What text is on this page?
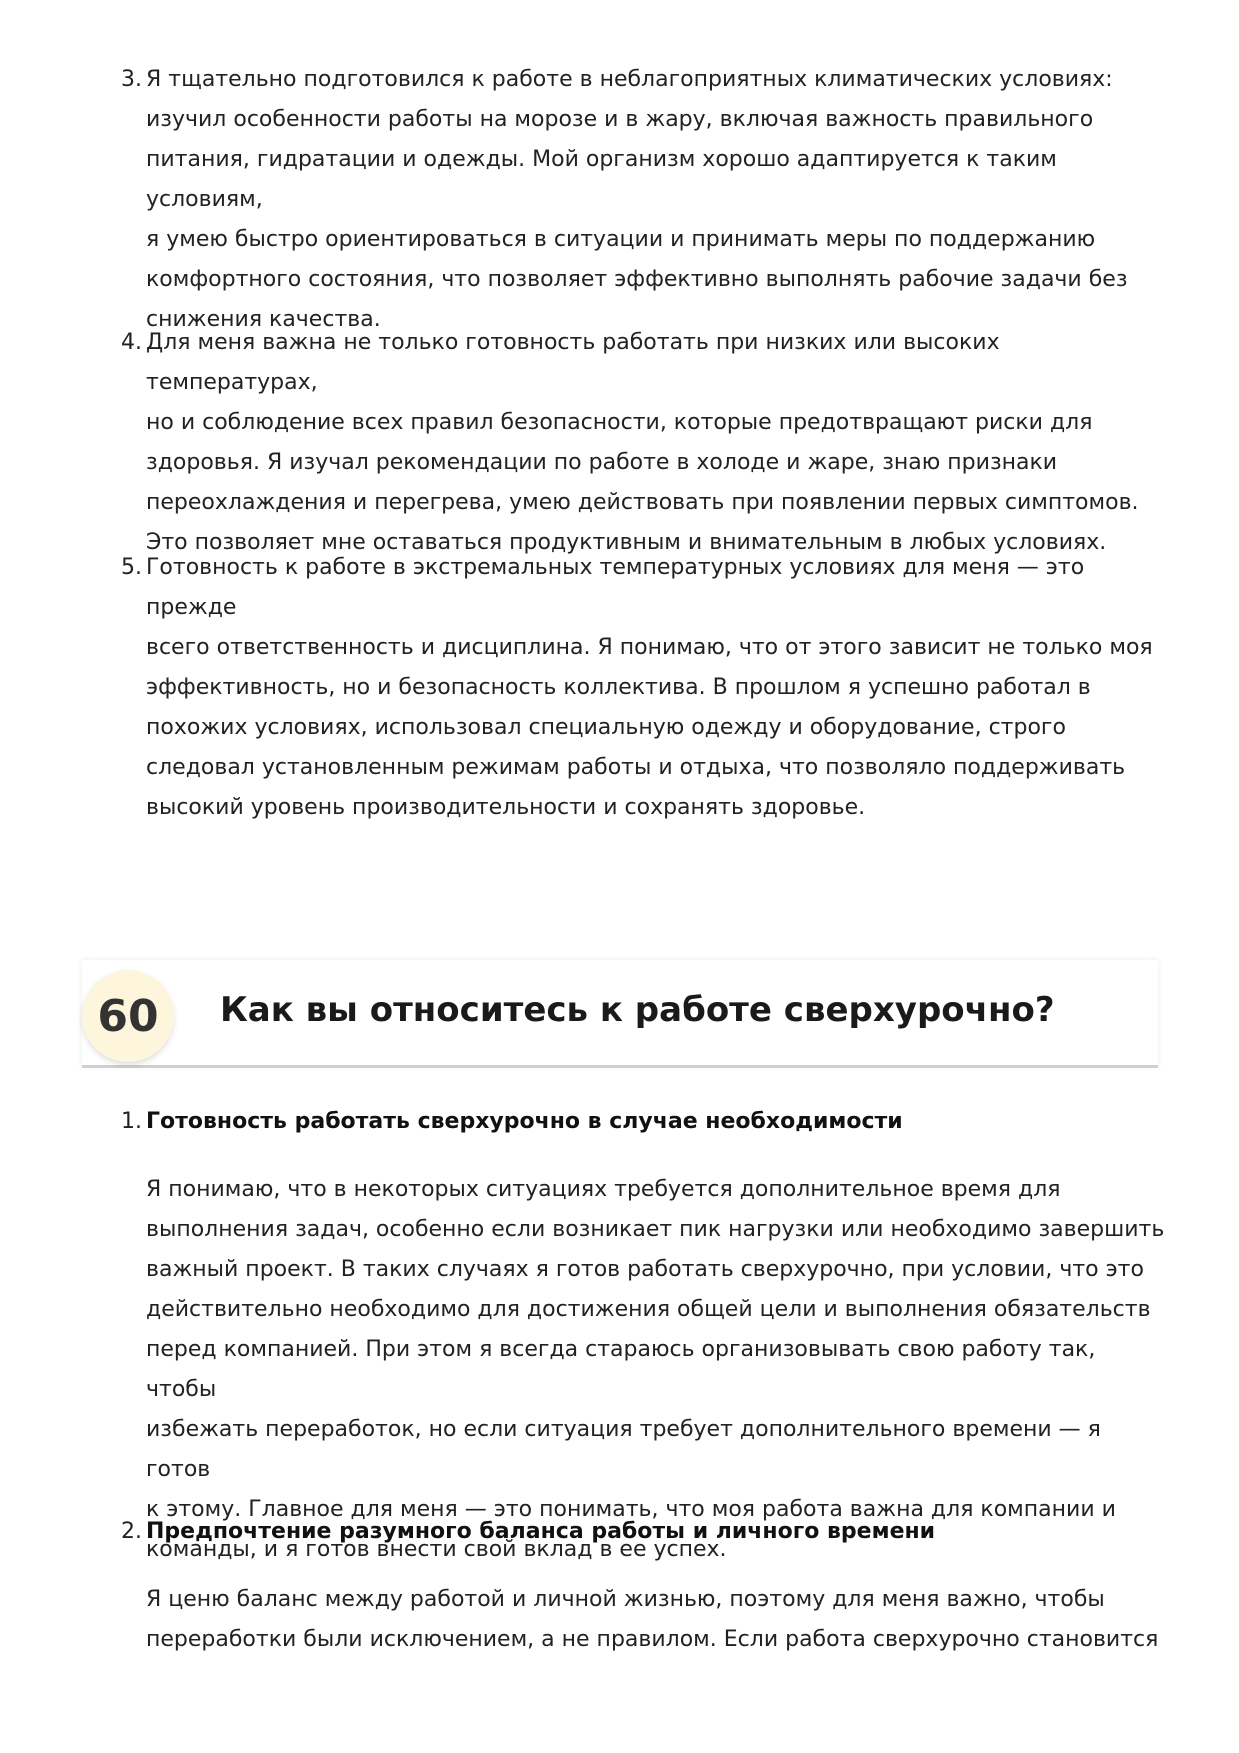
3. Я тщательно подготовился к работе в неблагоприятных климатических условиях:
изучил особенности работы на морозе и в жару, включая важность правильного
питания, гидратации и одежды. Мой организм хорошо адаптируется к таким условиям,
я умею быстро ориентироваться в ситуации и принимать меры по поддержанию
комфортного состояния, что позволяет эффективно выполнять рабочие задачи без
снижения качества.
4. Для меня важна не только готовность работать при низких или высоких температурах,
но и соблюдение всех правил безопасности, которые предотвращают риски для
здоровья. Я изучал рекомендации по работе в холоде и жаре, знаю признаки
переохлаждения и перегрева, умею действовать при появлении первых симптомов.
Это позволяет мне оставаться продуктивным и внимательным в любых условиях.
5. Готовность к работе в экстремальных температурных условиях для меня — это прежде
всего ответственность и дисциплина. Я понимаю, что от этого зависит не только моя
эффективность, но и безопасность коллектива. В прошлом я успешно работал в
похожих условиях, использовал специальную одежду и оборудование, строго
следовал установленным режимам работы и отдыха, что позволяло поддерживать
высокий уровень производительности и сохранять здоровье.
60	Как вы относитесь к работе сверхурочно?
1. Готовность работать сверхурочно в случае необходимости

Я понимаю, что в некоторых ситуациях требуется дополнительное время для
выполнения задач, особенно если возникает пик нагрузки или необходимо завершить
важный проект. В таких случаях я готов работать сверхурочно, при условии, что это
действительно необходимо для достижения общей цели и выполнения обязательств
перед компанией. При этом я всегда стараюсь организовывать свою работу так, чтобы
избежать переработок, но если ситуация требует дополнительного времени — я готов
к этому. Главное для меня — это понимать, что моя работа важна для компании и
команды, и я готов внести свой вклад в ее успех.
2. Предпочтение разумного баланса работы и личного времени

Я ценю баланс между работой и личной жизнью, поэтому для меня важно, чтобы
переработки были исключением, а не правилом. Если работа сверхурочно становится
